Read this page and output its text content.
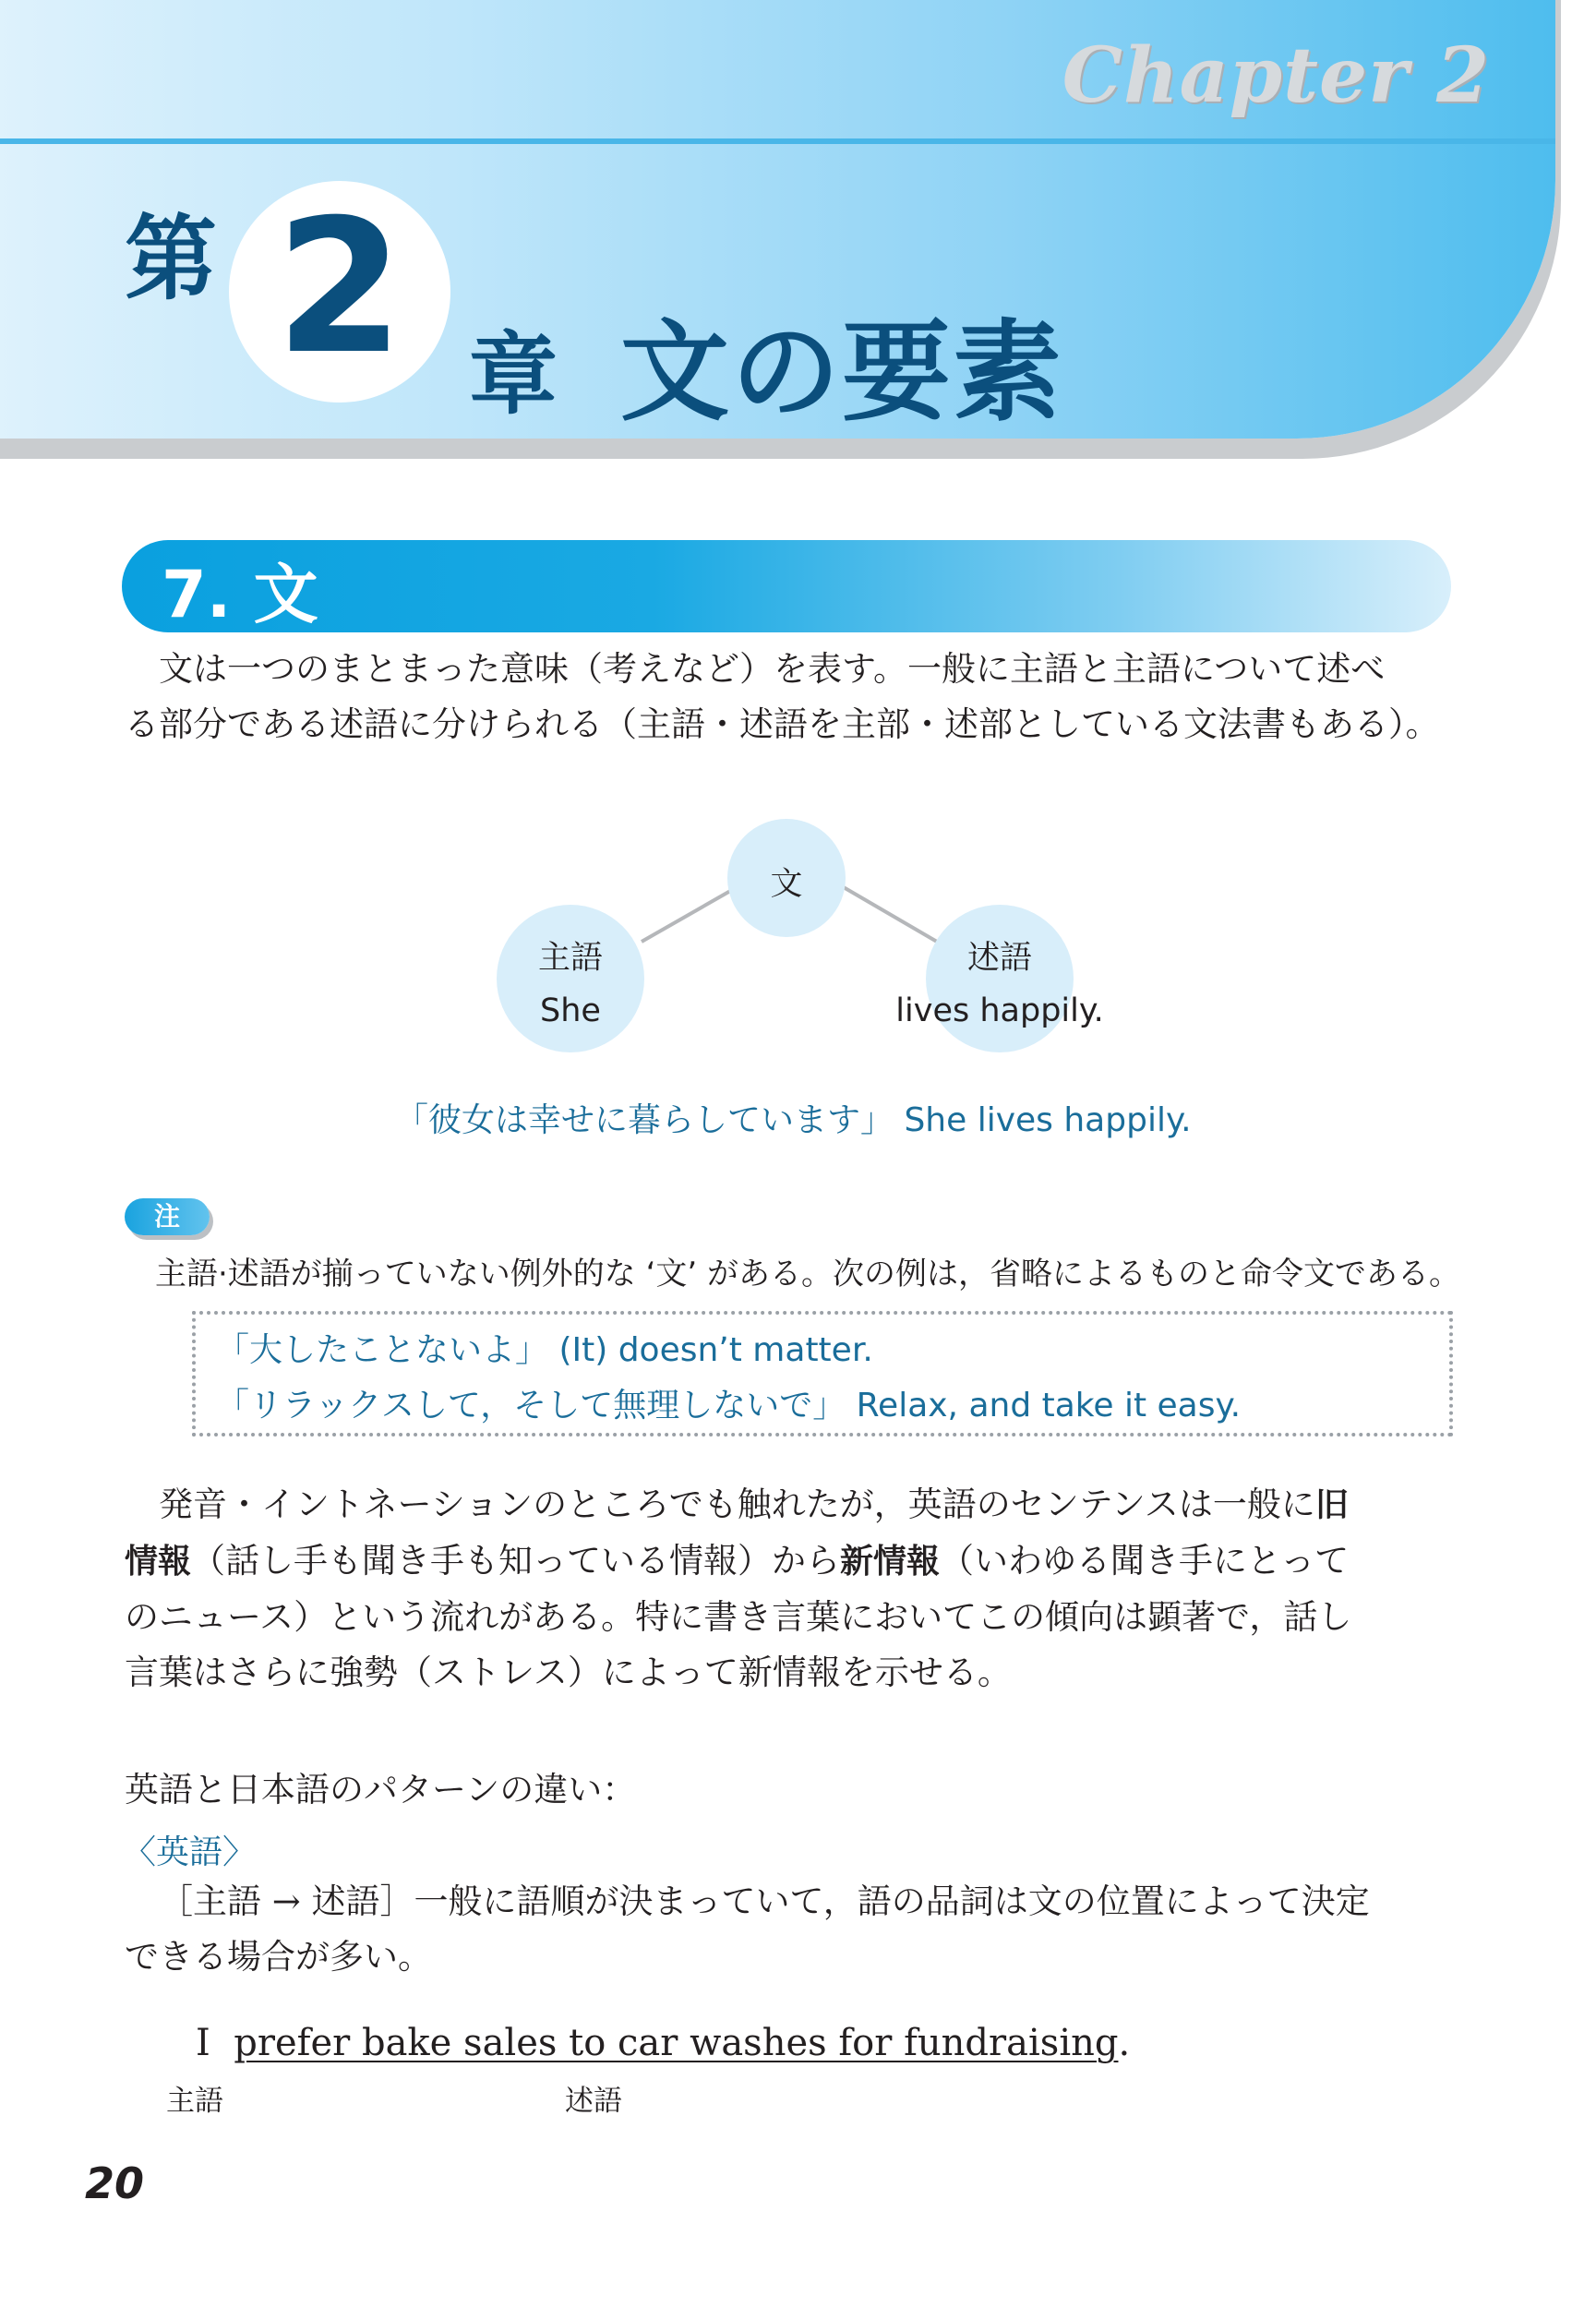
Chapter 2
第 2 章 文の要素
7. 文

文は一つのまとまった意味（考えなど）を表す。一般に主語と主語について述べ

る部分である述語に分けられる（主語・述語を主部・述部としている文法書もある）。

文
主語
She
述語
lives happily.
「彼女は幸せに暮らしています」 She lives happily.
注
主語·述語が揃っていない例外的な ‘文’ がある。次の例は，省略によるものと命令文である。
「大したことないよ」 (It) doesn’t matter.
「リラックスして，そして無理しないで」 Relax, and take it easy.

発音・イントネーションのところでも触れたが，英語のセンテンスは一般に旧

情報（話し手も聞き手も知っている情報）から新情報（いわゆる聞き手にとって

のニュース）という流れがある。特に書き言葉においてこの傾向は顕著で，話し

言葉はさらに強勢（ストレス）によって新情報を示せる。

英語と日本語のパターンの違い：
〈英語〉

［主語 → 述語］一般に語順が決まっていて，語の品詞は文の位置によって決定

できる場合が多い。

I prefer bake sales to car washes for fundraising.
主語	述語
20
